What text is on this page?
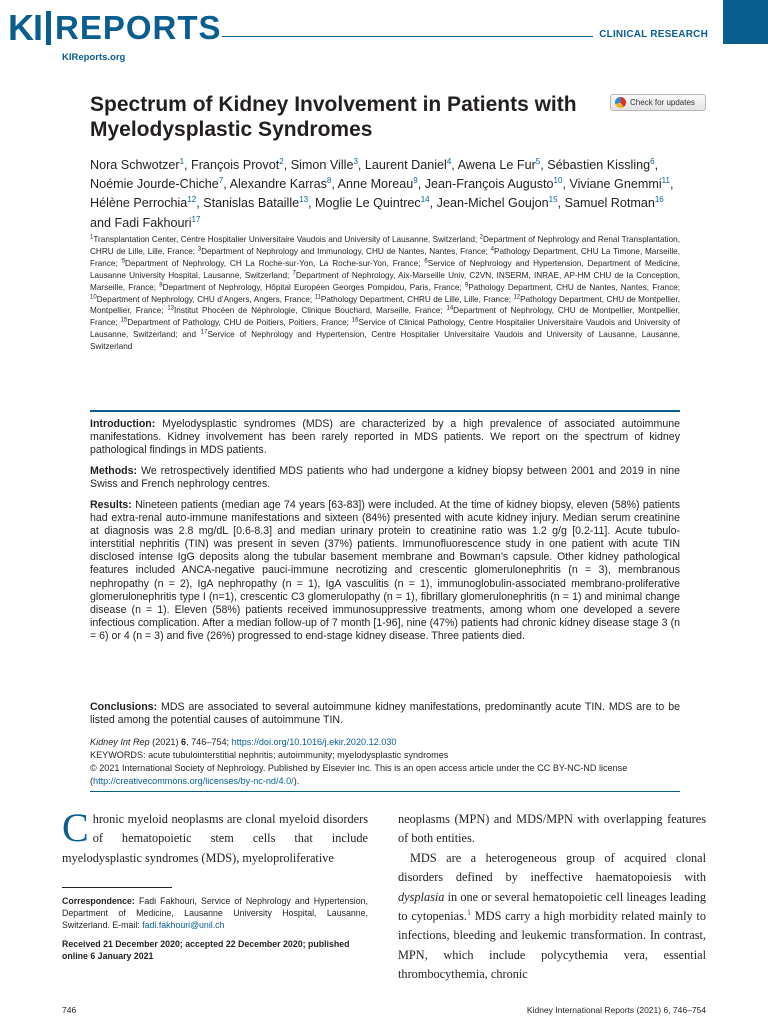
KI REPORTS
KIReports.org
CLINICAL RESEARCH
Spectrum of Kidney Involvement in Patients with Myelodysplastic Syndromes
Check for updates
Nora Schwotzer$^1$, François Provot$^2$, Simon Ville$^3$, Laurent Daniel$^4$, Awena Le Fur$^5$, Sébastien Kissling$^6$, Noémie Jourde-Chiche$^7$, Alexandre Karras$^8$, Anne Moreau$^9$, Jean-François Augusto$^{10}$, Viviane Gnemmi$^{11}$, Hélène Perrochia$^{12}$, Stanislas Bataille$^{13}$, Moglie Le Quintrec$^{14}$, Jean-Michel Goujon$^{15}$, Samuel Rotman$^{16}$ and Fadi Fakhouri$^{17}$
$^1$Transplantation Center, Centre Hospitalier Universitaire Vaudois and University of Lausanne, Switzerland; $^2$Department of Nephrology and Renal Transplantation, CHRU de Lille, Lille, France; $^3$Department of Nephrology and Immunology, CHU de Nantes, Nantes, France; $^4$Pathology Department, CHU La Timone, Marseille, France; $^5$Department of Nephrology, CH La Roche-sur-Yon, La Roche-sur-Yon, France; $^6$Service of Nephrology and Hypertension, Department of Medicine, Lausanne University Hospital, Lausanne, Switzerland; $^7$Department of Nephrology, Aix-Marseille Univ, C2VN, INSERM, INRAE, AP-HM CHU de la Conception, Marseille, France; $^8$Department of Nephrology, Hôpital Européen Georges Pompidou, Paris, France; $^9$Pathology Department, CHU de Nantes, Nantes, France; $^{10}$Department of Nephrology, CHU d’Angers, Angers, France; $^{11}$Pathology Department, CHRU de Lille, Lille, France; $^{12}$Pathology Department, CHU de Montpellier, Montpellier, France; $^{13}$Institut Phocéen de Néphrologie, Clinique Bouchard, Marseille, France; $^{14}$Department of Nephrology, CHU de Montpellier, Montpellier, France; $^{15}$Department of Pathology, CHU de Poitiers, Poitiers, France; $^{16}$Service of Clinical Pathology, Centre Hospitalier Universitaire Vaudois and University of Lausanne, Switzerland; and $^{17}$Service of Nephrology and Hypertension, Centre Hospitalier Universitaire Vaudois and University of Lausanne, Lausanne, Switzerland

Introduction: Myelodysplastic syndromes (MDS) are characterized by a high prevalence of associated autoimmune manifestations. Kidney involvement has been rarely reported in MDS patients. We report on the spectrum of kidney pathological findings in MDS patients.

Methods: We retrospectively identified MDS patients who had undergone a kidney biopsy between 2001 and 2019 in nine Swiss and French nephrology centres.

Results: Nineteen patients (median age 74 years [63-83]) were included. At the time of kidney biopsy, eleven (58%) patients had extra-renal auto-immune manifestations and sixteen (84%) presented with acute kidney injury. Median serum creatinine at diagnosis was 2.8 mg/dL [0.6-8.3] and median urinary protein to creatinine ratio was 1.2 g/g [0.2-11]. Acute tubulo-interstitial nephritis (TIN) was present in seven (37%) patients. Immunofluorescence study in one patient with acute TIN disclosed intense IgG deposits along the tubular basement membrane and Bowman’s capsule. Other kidney pathological features included ANCA-negative pauci-immune necrotizing and crescentic glomerulonephritis (n = 3), membranous nephropathy (n = 2), IgA nephropathy (n = 1), IgA vasculitis (n = 1), immunoglobulin-associated membrano-proliferative glomerulonephritis type I (n=1), crescentic C3 glomerulopathy (n = 1), fibrillary glomerulonephritis (n = 1) and minimal change disease (n = 1). Eleven (58%) patients received immunosuppressive treatments, among whom one developed a severe infectious complication. After a median follow-up of 7 month [1-96], nine (47%) patients had chronic kidney disease stage 3 (n = 6) or 4 (n = 3) and five (26%) progressed to end-stage kidney disease. Three patients died.

Conclusions: MDS are associated to several autoimmune kidney manifestations, predominantly acute TIN. MDS are to be listed among the potential causes of autoimmune TIN.

Kidney Int Rep (2021) 6, 746–754; https://doi.org/10.1016/j.ekir.2020.12.030

KEYWORDS: acute tubulointerstitial nephritis; autoimmunity; myelodysplastic syndromes

© 2021 International Society of Nephrology. Published by Elsevier Inc. This is an open access article under the CC BY-NC-ND license (http://creativecommons.org/licenses/by-nc-nd/4.0/).

Chronic myeloid neoplasms are clonal myeloid disorders of hematopoietic stem cells that include myelodysplastic syndromes (MDS), myeloproliferative

neoplasms (MPN) and MDS/MPN with overlapping features of both entities.

MDS are a heterogeneous group of acquired clonal disorders defined by ineffective haematopoiesis with dysplasia in one or several hematopoietic cell lineages leading to cytopenias.$^1$ MDS carry a high morbidity related mainly to infections, bleeding and leukemic transformation. In contrast, MPN, which include polycythemia vera, essential thrombocythemia, chronic

Correspondence: Fadi Fakhouri, Service of Nephrology and Hypertension, Department of Medicine, Lausanne University Hospital, Lausanne, Switzerland. E-mail: fadi.fakhouri@unil.ch
Received 21 December 2020; accepted 22 December 2020; published online 6 January 2021
746	Kidney International Reports (2021) 6, 746–754
